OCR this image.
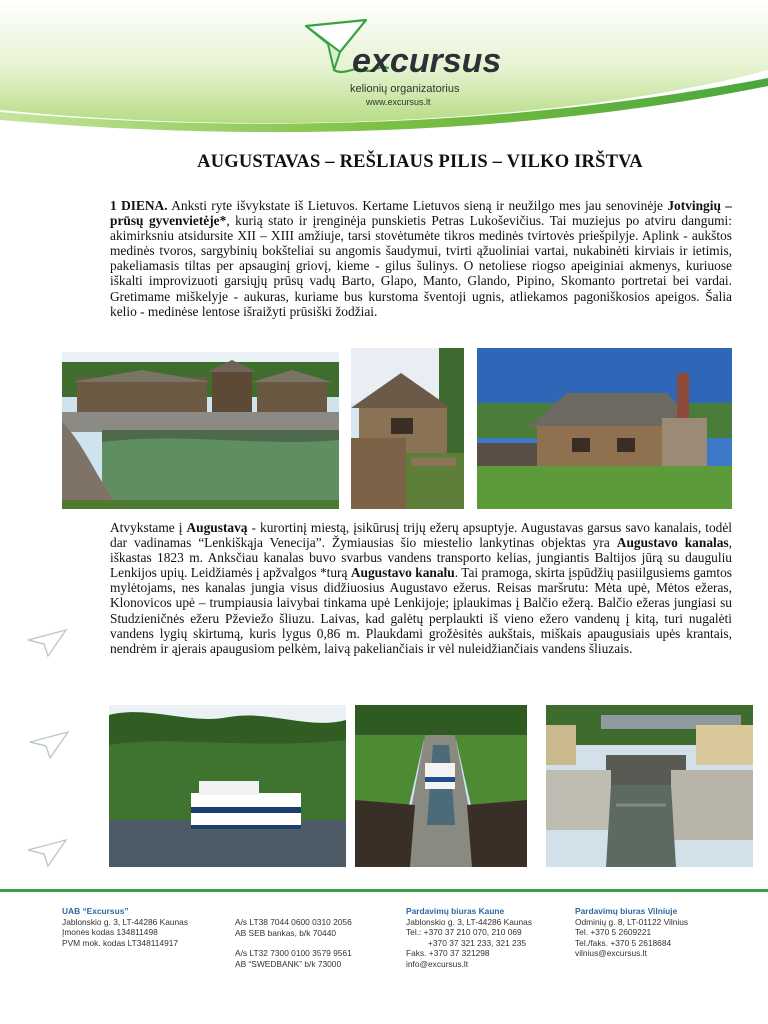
excursus
kelionių organizatorius
www.excursus.lt
AUGUSTAVAS – REŠLIAUS PILIS – VILKO IRŠTVA

1 DIENA. Anksti ryte išvykstate iš Lietuvos. Kertame Lietuvos sieną ir neužilgo mes jau senovinėje Jotvingių – prūsų gyvenvietėje*, kurią stato ir įrenginėja punskietis Petras Lukoševičius. Tai muziejus po atviru dangumi: akimirksniu atsidursite XII – XIII amžiuje, tarsi stovėtumėte tikros medinės tvirtovės priešpilyje. Aplink - aukštos medinės tvoros, sargybinių bokšteliai su angomis šaudymui, tvirti ąžuoliniai vartai, nukabinėti kirviais ir ietimis, pakeliamasis tiltas per apsauginį griovį, kieme - gilus šulinys. O netoliese riogso apeiginiai akmenys, kuriuose iškalti improvizuoti garsiųjų prūsų vadų Barto, Glapo, Manto, Glando, Pipino, Skomanto portretai bei vardai. Gretimame miškelyje - aukuras, kuriame bus kurstoma šventoji ugnis, atliekamos pagoniškosios apeigos. Šalia kelio - medinėse lentose išraižyti prūsiški žodžiai.

Atvykstame į Augustavą - kurortinį miestą, įsikūrusį trijų ežerų apsuptyje. Augustavas garsus savo kanalais, todėl dar vadinamas “Lenkiškąja Venecija”. Žymiausias šio miestelio lankytinas objektas yra Augustavo kanalas, iškastas 1823 m. Anksčiau kanalas buvo svarbus vandens transporto kelias, jungiantis Baltijos jūrą su dauguliu Lenkijos upių. Leidžiamės į apžvalgos *turą Augustavo kanalu. Tai pramoga, skirta įspūdžių pasiilgusiems gamtos mylėtojams, nes kanalas jungia visus didžiuosius Augustavo ežerus. Reisas maršrutu: Mėta upė, Mėtos ežeras, Klonovicos upė – trumpiausia laivybai tinkama upė Lenkijoje; įplaukimas į Balčio ežerą. Balčio ežeras jungiasi su Studzieničnės ežeru Pževiežo šliuzu. Laivas, kad galėtų perplaukti iš vieno ežero vandenų į kitą, turi nugalėti vandens lygių skirtumą, kuris lygus 0,86 m. Plaukdami grožėsitės aukštais, miškais apaugusiais upės krantais, nendrėm ir ąjerais apaugusiom pelkėm, laivą pakeliančiais ir vėl nuleidžiančiais vandens šliuzais.

UAB “Excursus”
Jablonskio g. 3, LT-44286 Kaunas
Įmonės kodas 134811498
PVM mok. kodas LT348114917
A/s LT38 7044 0600 0310 2056
AB SEB bankas, b/k 70440
A/s LT32 7300 0100 3579 9561
AB “SWEDBANK” b/k 73000
Pardavimų biuras Kaune
Jablonskio g. 3, LT-44286 Kaunas
Tel.: +370 37 210 070, 210 069
+370 37 321 233, 321 235
Faks. +370 37 321298
info@excursus.lt
Pardavimų biuras Vilniuje
Odminių g. 8, LT-01122 Vilnius
Tel. +370 5 2609221
Tel./faks. +370 5 2618684
vilnius@excursus.lt
